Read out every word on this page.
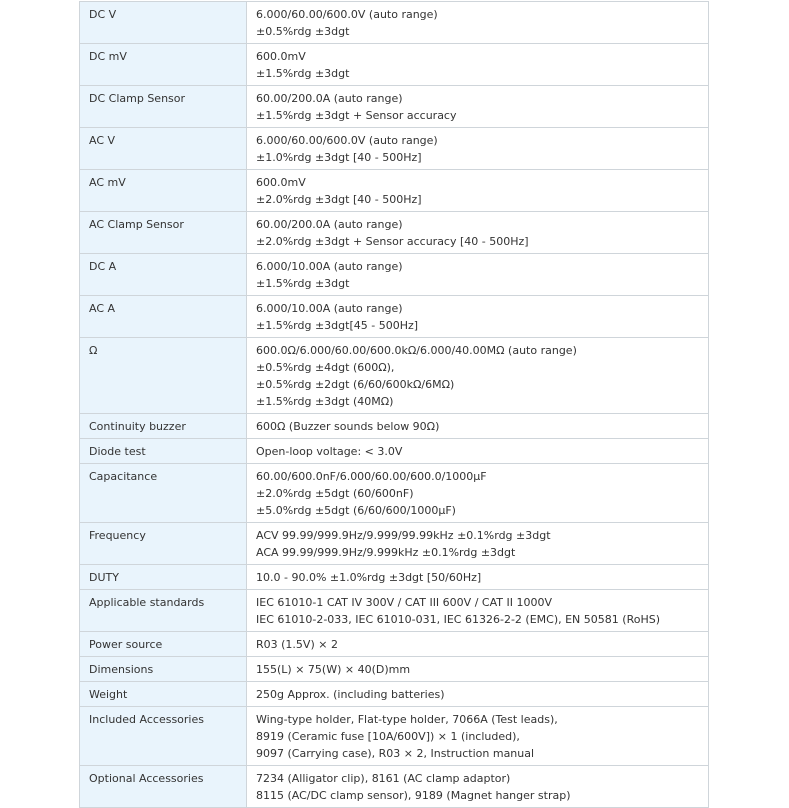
DC V	6.000/60.00/600.0V (auto range)
±0.5%rdg ±3dgt

DC mV	600.0mV
±1.5%rdg ±3dgt

DC Clamp Sensor	60.00/200.0A (auto range)
±1.5%rdg ±3dgt + Sensor accuracy

AC V	6.000/60.00/600.0V (auto range)
±1.0%rdg ±3dgt [40 - 500Hz]

AC mV	600.0mV
±2.0%rdg ±3dgt [40 - 500Hz]

AC Clamp Sensor	60.00/200.0A (auto range)
±2.0%rdg ±3dgt + Sensor accuracy [40 - 500Hz]

DC A	6.000/10.00A (auto range)
±1.5%rdg ±3dgt

AC A	6.000/10.00A (auto range)
±1.5%rdg ±3dgt[45 - 500Hz]

Ω	600.0Ω/6.000/60.00/600.0kΩ/6.000/40.00MΩ (auto range)
±0.5%rdg ±4dgt (600Ω),
±0.5%rdg ±2dgt (6/60/600kΩ/6MΩ)
±1.5%rdg ±3dgt (40MΩ)

Continuity buzzer	600Ω (Buzzer sounds below 90Ω)

Diode test	Open-loop voltage: < 3.0V

Capacitance	60.00/600.0nF/6.000/60.00/600.0/1000μF
±2.0%rdg ±5dgt (60/600nF)
±5.0%rdg ±5dgt (6/60/600/1000μF)

Frequency	ACV 99.99/999.9Hz/9.999/99.99kHz ±0.1%rdg ±3dgt
ACA 99.99/999.9Hz/9.999kHz ±0.1%rdg ±3dgt

DUTY	10.0 - 90.0% ±1.0%rdg ±3dgt [50/60Hz]

Applicable standards	IEC 61010-1 CAT IV 300V / CAT III 600V / CAT II 1000V
IEC 61010-2-033, IEC 61010-031, IEC 61326-2-2 (EMC), EN 50581 (RoHS)

Power source	R03 (1.5V) × 2

Dimensions	155(L) × 75(W) × 40(D)mm

Weight	250g Approx. (including batteries)

Included Accessories	Wing-type holder, Flat-type holder, 7066A (Test leads),
8919 (Ceramic fuse [10A/600V]) × 1 (included),
9097 (Carrying case), R03 × 2, Instruction manual

Optional Accessories	7234 (Alligator clip), 8161 (AC clamp adaptor)
8115 (AC/DC clamp sensor), 9189 (Magnet hanger strap)
